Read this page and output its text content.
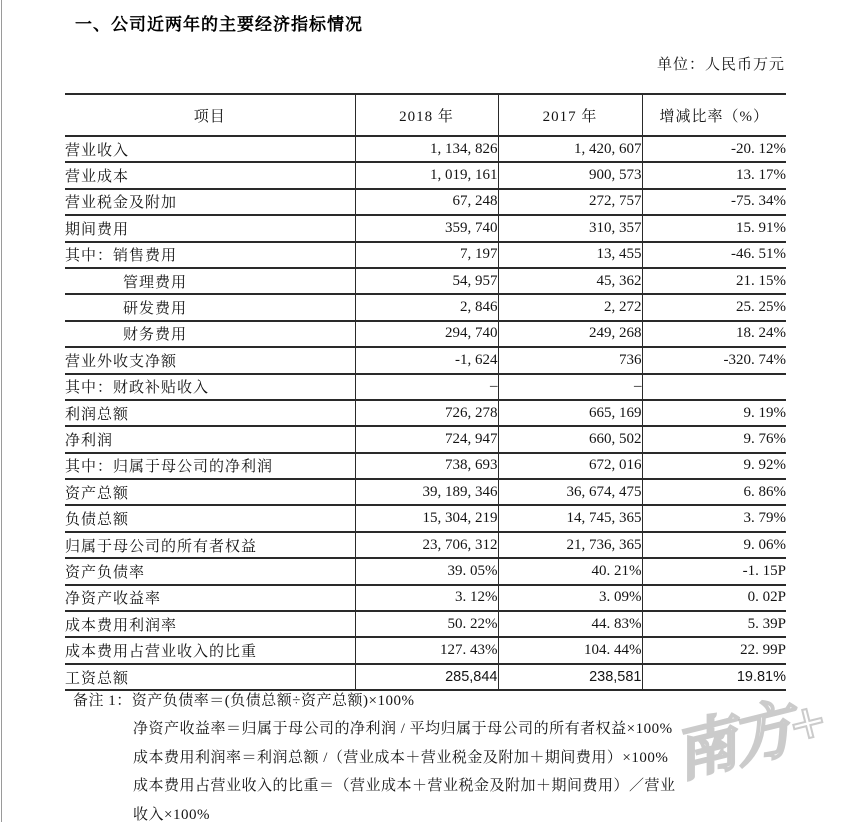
一、公司近两年的主要经济指标情况
单位：人民币万元
项目	2018 年	2017 年	增减比率（%）
营业收入	1, 134, 826	1, 420, 607	-20. 12%
营业成本	1, 019, 161	900, 573	13. 17%
营业税金及附加	67, 248	272, 757	-75. 34%
期间费用	359, 740	310, 357	15. 91%
其中：销售费用	7, 197	13, 455	-46. 51%
管理费用	54, 957	45, 362	21. 15%
研发费用	2, 846	2, 272	25. 25%
财务费用	294, 740	249, 268	18. 24%
营业外收支净额	-1, 624	736	-320. 74%
其中：财政补贴收入	–	–	
利润总额	726, 278	665, 169	9. 19%
净利润	724, 947	660, 502	9. 76%
其中：归属于母公司的净利润	738, 693	672, 016	9. 92%
资产总额	39, 189, 346	36, 674, 475	6. 86%
负债总额	15, 304, 219	14, 745, 365	3. 79%
归属于母公司的所有者权益	23, 706, 312	21, 736, 365	9. 06%
资产负债率	39. 05%	40. 21%	-1. 15P
净资产收益率	3. 12%	3. 09%	0. 02P
成本费用利润率	50. 22%	44. 83%	5. 39P
成本费用占营业收入的比重	127. 43%	104. 44%	22. 99P
工资总额	285,844	238,581	19.81%
备注 1：资产负债率＝(负债总额÷资产总额)×100%
净资产收益率＝归属于母公司的净利润 / 平均归属于母公司的所有者权益×100%
成本费用利润率＝利润总额 /（营业成本＋营业税金及附加＋期间费用）×100%
成本费用占营业收入的比重＝（营业成本＋营业税金及附加＋期间费用）／营业
收入×100%
南方+
